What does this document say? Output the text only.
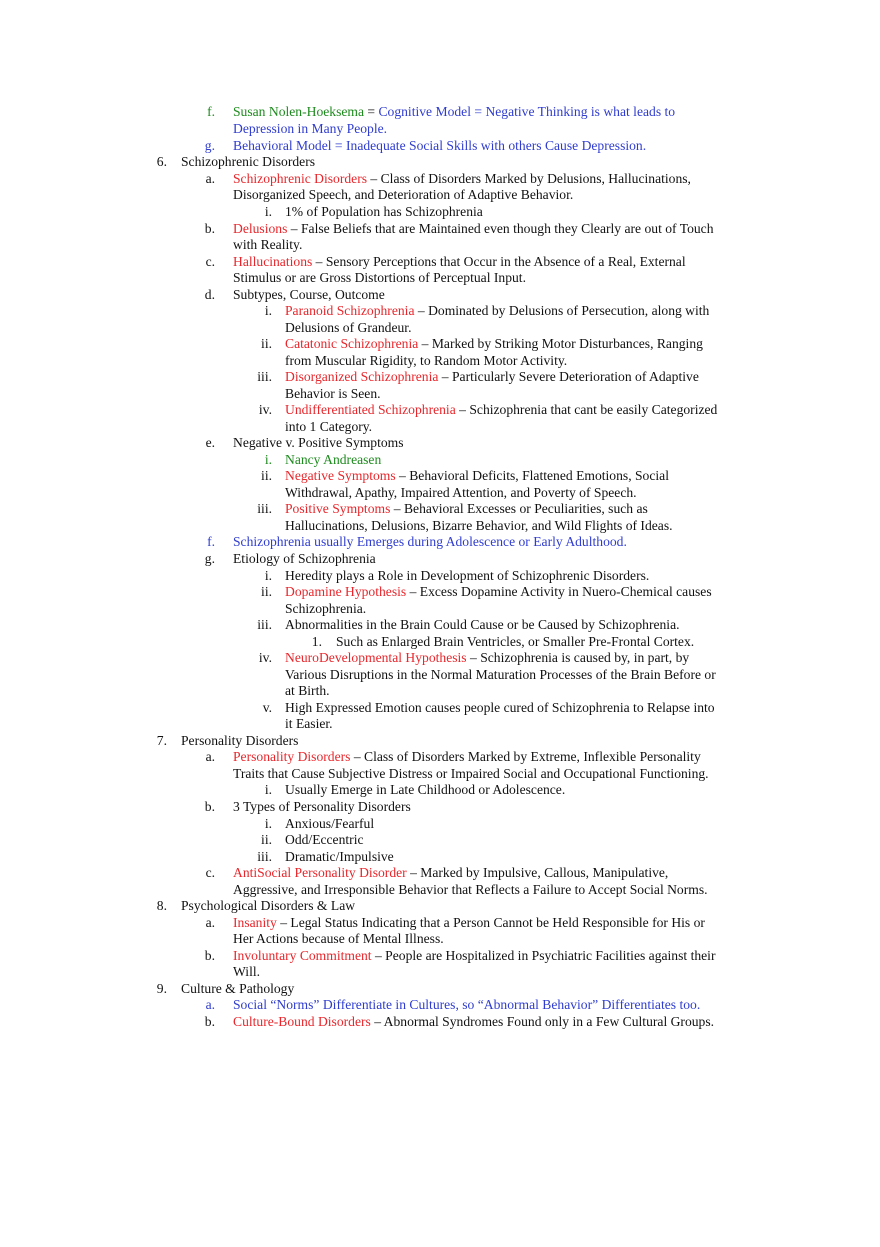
f. Susan Nolen-Hoeksema = Cognitive Model = Negative Thinking is what leads to
Depression in Many People.
g. Behavioral Model = Inadequate Social Skills with others Cause Depression.
6. Schizophrenic Disorders
a. Schizophrenic Disorders – Class of Disorders Marked by Delusions, Hallucinations,
Disorganized Speech, and Deterioration of Adaptive Behavior.
i. 1% of Population has Schizophrenia
b. Delusions – False Beliefs that are Maintained even though they Clearly are out of Touch
with Reality.
c. Hallucinations – Sensory Perceptions that Occur in the Absence of a Real, External
Stimulus or are Gross Distortions of Perceptual Input.
d. Subtypes, Course, Outcome
i. Paranoid Schizophrenia – Dominated by Delusions of Persecution, along with
Delusions of Grandeur.
ii. Catatonic Schizophrenia – Marked by Striking Motor Disturbances, Ranging
from Muscular Rigidity, to Random Motor Activity.
iii. Disorganized Schizophrenia – Particularly Severe Deterioration of Adaptive
Behavior is Seen.
iv. Undifferentiated Schizophrenia – Schizophrenia that cant be easily Categorized
into 1 Category.
e. Negative v. Positive Symptoms
i. Nancy Andreasen
ii. Negative Symptoms – Behavioral Deficits, Flattened Emotions, Social
Withdrawal, Apathy, Impaired Attention, and Poverty of Speech.
iii. Positive Symptoms – Behavioral Excesses or Peculiarities, such as
Hallucinations, Delusions, Bizarre Behavior, and Wild Flights of Ideas.
f. Schizophrenia usually Emerges during Adolescence or Early Adulthood.
g. Etiology of Schizophrenia
i. Heredity plays a Role in Development of Schizophrenic Disorders.
ii. Dopamine Hypothesis – Excess Dopamine Activity in Nuero-Chemical causes
Schizophrenia.
iii. Abnormalities in the Brain Could Cause or be Caused by Schizophrenia.
1. Such as Enlarged Brain Ventricles, or Smaller Pre-Frontal Cortex.
iv. NeuroDevelopmental Hypothesis – Schizophrenia is caused by, in part, by
Various Disruptions in the Normal Maturation Processes of the Brain Before or
at Birth.
v. High Expressed Emotion causes people cured of Schizophrenia to Relapse into
it Easier.
7. Personality Disorders
a. Personality Disorders – Class of Disorders Marked by Extreme, Inflexible Personality
Traits that Cause Subjective Distress or Impaired Social and Occupational Functioning.
i. Usually Emerge in Late Childhood or Adolescence.
b. 3 Types of Personality Disorders
i. Anxious/Fearful
ii. Odd/Eccentric
iii. Dramatic/Impulsive
c. AntiSocial Personality Disorder – Marked by Impulsive, Callous, Manipulative,
Aggressive, and Irresponsible Behavior that Reflects a Failure to Accept Social Norms.
8. Psychological Disorders & Law
a. Insanity – Legal Status Indicating that a Person Cannot be Held Responsible for His or
Her Actions because of Mental Illness.
b. Involuntary Commitment – People are Hospitalized in Psychiatric Facilities against their
Will.
9. Culture & Pathology
a. Social “Norms” Differentiate in Cultures, so “Abnormal Behavior” Differentiates too.
b. Culture-Bound Disorders – Abnormal Syndromes Found only in a Few Cultural Groups.
